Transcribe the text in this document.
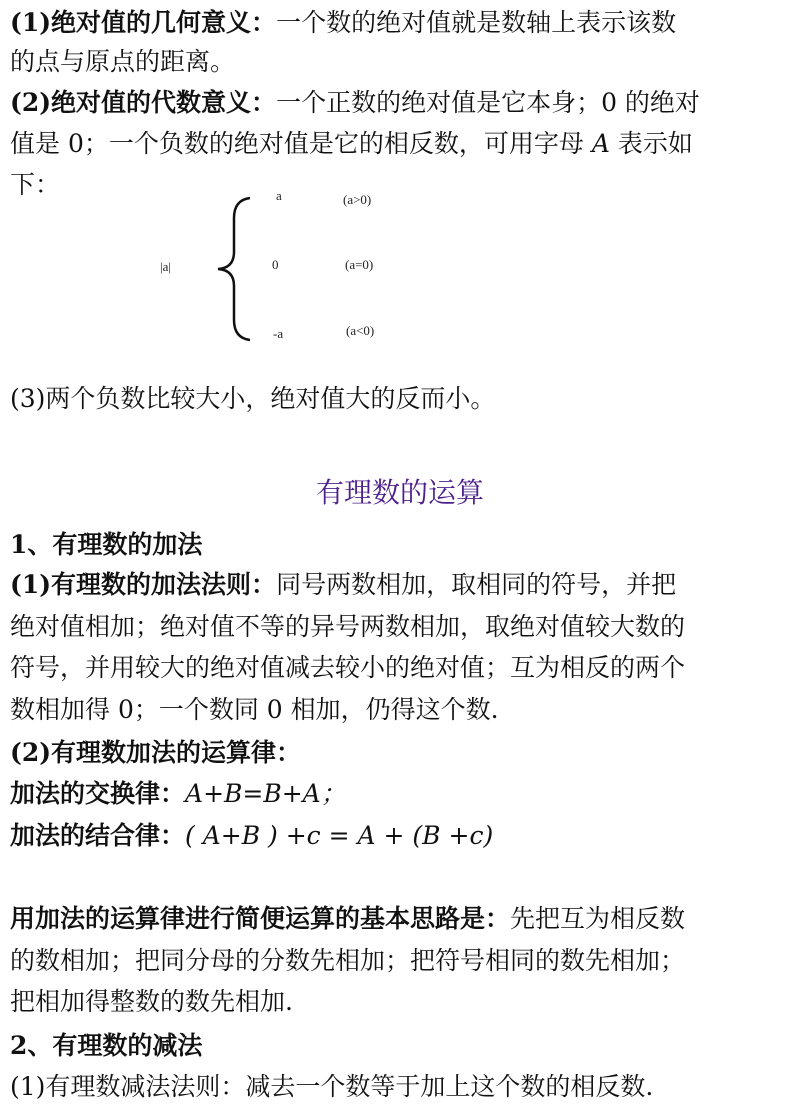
(1)绝对值的几何意义：一个数的绝对值就是数轴上表示该数
的点与原点的距离。
(2)绝对值的代数意义：一个正数的绝对值是它本身；0 的绝对
值是 0；一个负数的绝对值是它的相反数，可用字母 A 表示如
下：
|a|
a	(a>0)
0	(a=0)
-a	(a<0)
(3)两个负数比较大小，绝对值大的反而小。
有理数的运算
1、有理数的加法
(1)有理数的加法法则：同号两数相加，取相同的符号，并把
绝对值相加；绝对值不等的异号两数相加，取绝对值较大数的
符号，并用较大的绝对值减去较小的绝对值；互为相反的两个
数相加得 0；一个数同 0 相加，仍得这个数.
(2)有理数加法的运算律：
加法的交换律：A+B=B+A；
加法的结合律：( A+B ) +c = A + (B +c)
用加法的运算律进行简便运算的基本思路是：先把互为相反数
的数相加；把同分母的分数先相加；把符号相同的数先相加；
把相加得整数的数先相加.
2、有理数的减法
(1)有理数减法法则：减去一个数等于加上这个数的相反数.
